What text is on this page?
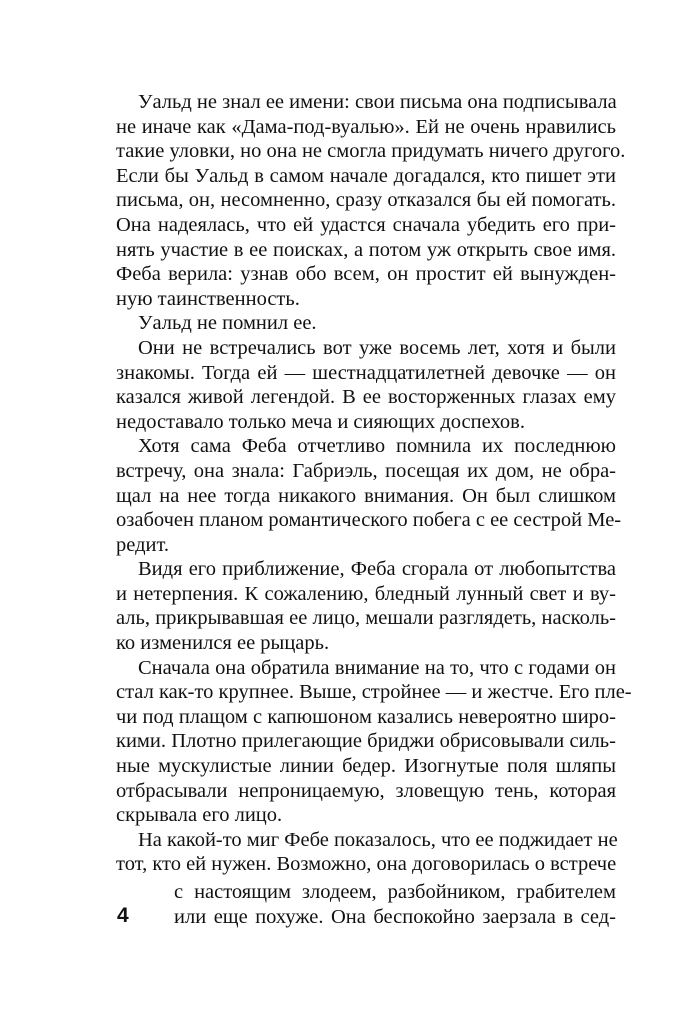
Уальд не знал ее имени: свои письма она подписывала
не иначе как «Дама-под-вуалью». Ей не очень нравились
такие уловки, но она не смогла придумать ничего другого.
Если бы Уальд в самом начале догадался, кто пишет эти
письма, он, несомненно, сразу отказался бы ей помогать.
Она надеялась, что ей удастся сначала убедить его при-
нять участие в ее поисках, а потом уж открыть свое имя.
Феба верила: узнав обо всем, он простит ей вынужден-
ную таинственность.
Уальд не помнил ее.
Они не встречались вот уже восемь лет, хотя и были
знакомы. Тогда ей — шестнадцатилетней девочке — он
казался живой легендой. В ее восторженных глазах ему
недоставало только меча и сияющих доспехов.
Хотя сама Феба отчетливо помнила их последнюю
встречу, она знала: Габриэль, посещая их дом, не обра-
щал на нее тогда никакого внимания. Он был слишком
озабочен планом романтического побега с ее сестрой Ме-
редит.
Видя его приближение, Феба сгорала от любопытства
и нетерпения. К сожалению, бледный лунный свет и ву-
аль, прикрывавшая ее лицо, мешали разглядеть, насколь-
ко изменился ее рыцарь.
Сначала она обратила внимание на то, что с годами он
стал как-то крупнее. Выше, стройнее — и жестче. Его пле-
чи под плащом с капюшоном казались невероятно широ-
кими. Плотно прилегающие бриджи обрисовывали силь-
ные мускулистые линии бедер. Изогнутые поля шляпы
отбрасывали непроницаемую, зловещую тень, которая
скрывала его лицо.
На какой-то миг Фебе показалось, что ее поджидает не
тот, кто ей нужен. Возможно, она договорилась о встрече
с настоящим злодеем, разбойником, грабителем
или еще похуже. Она беспокойно заерзала в сед-
4
